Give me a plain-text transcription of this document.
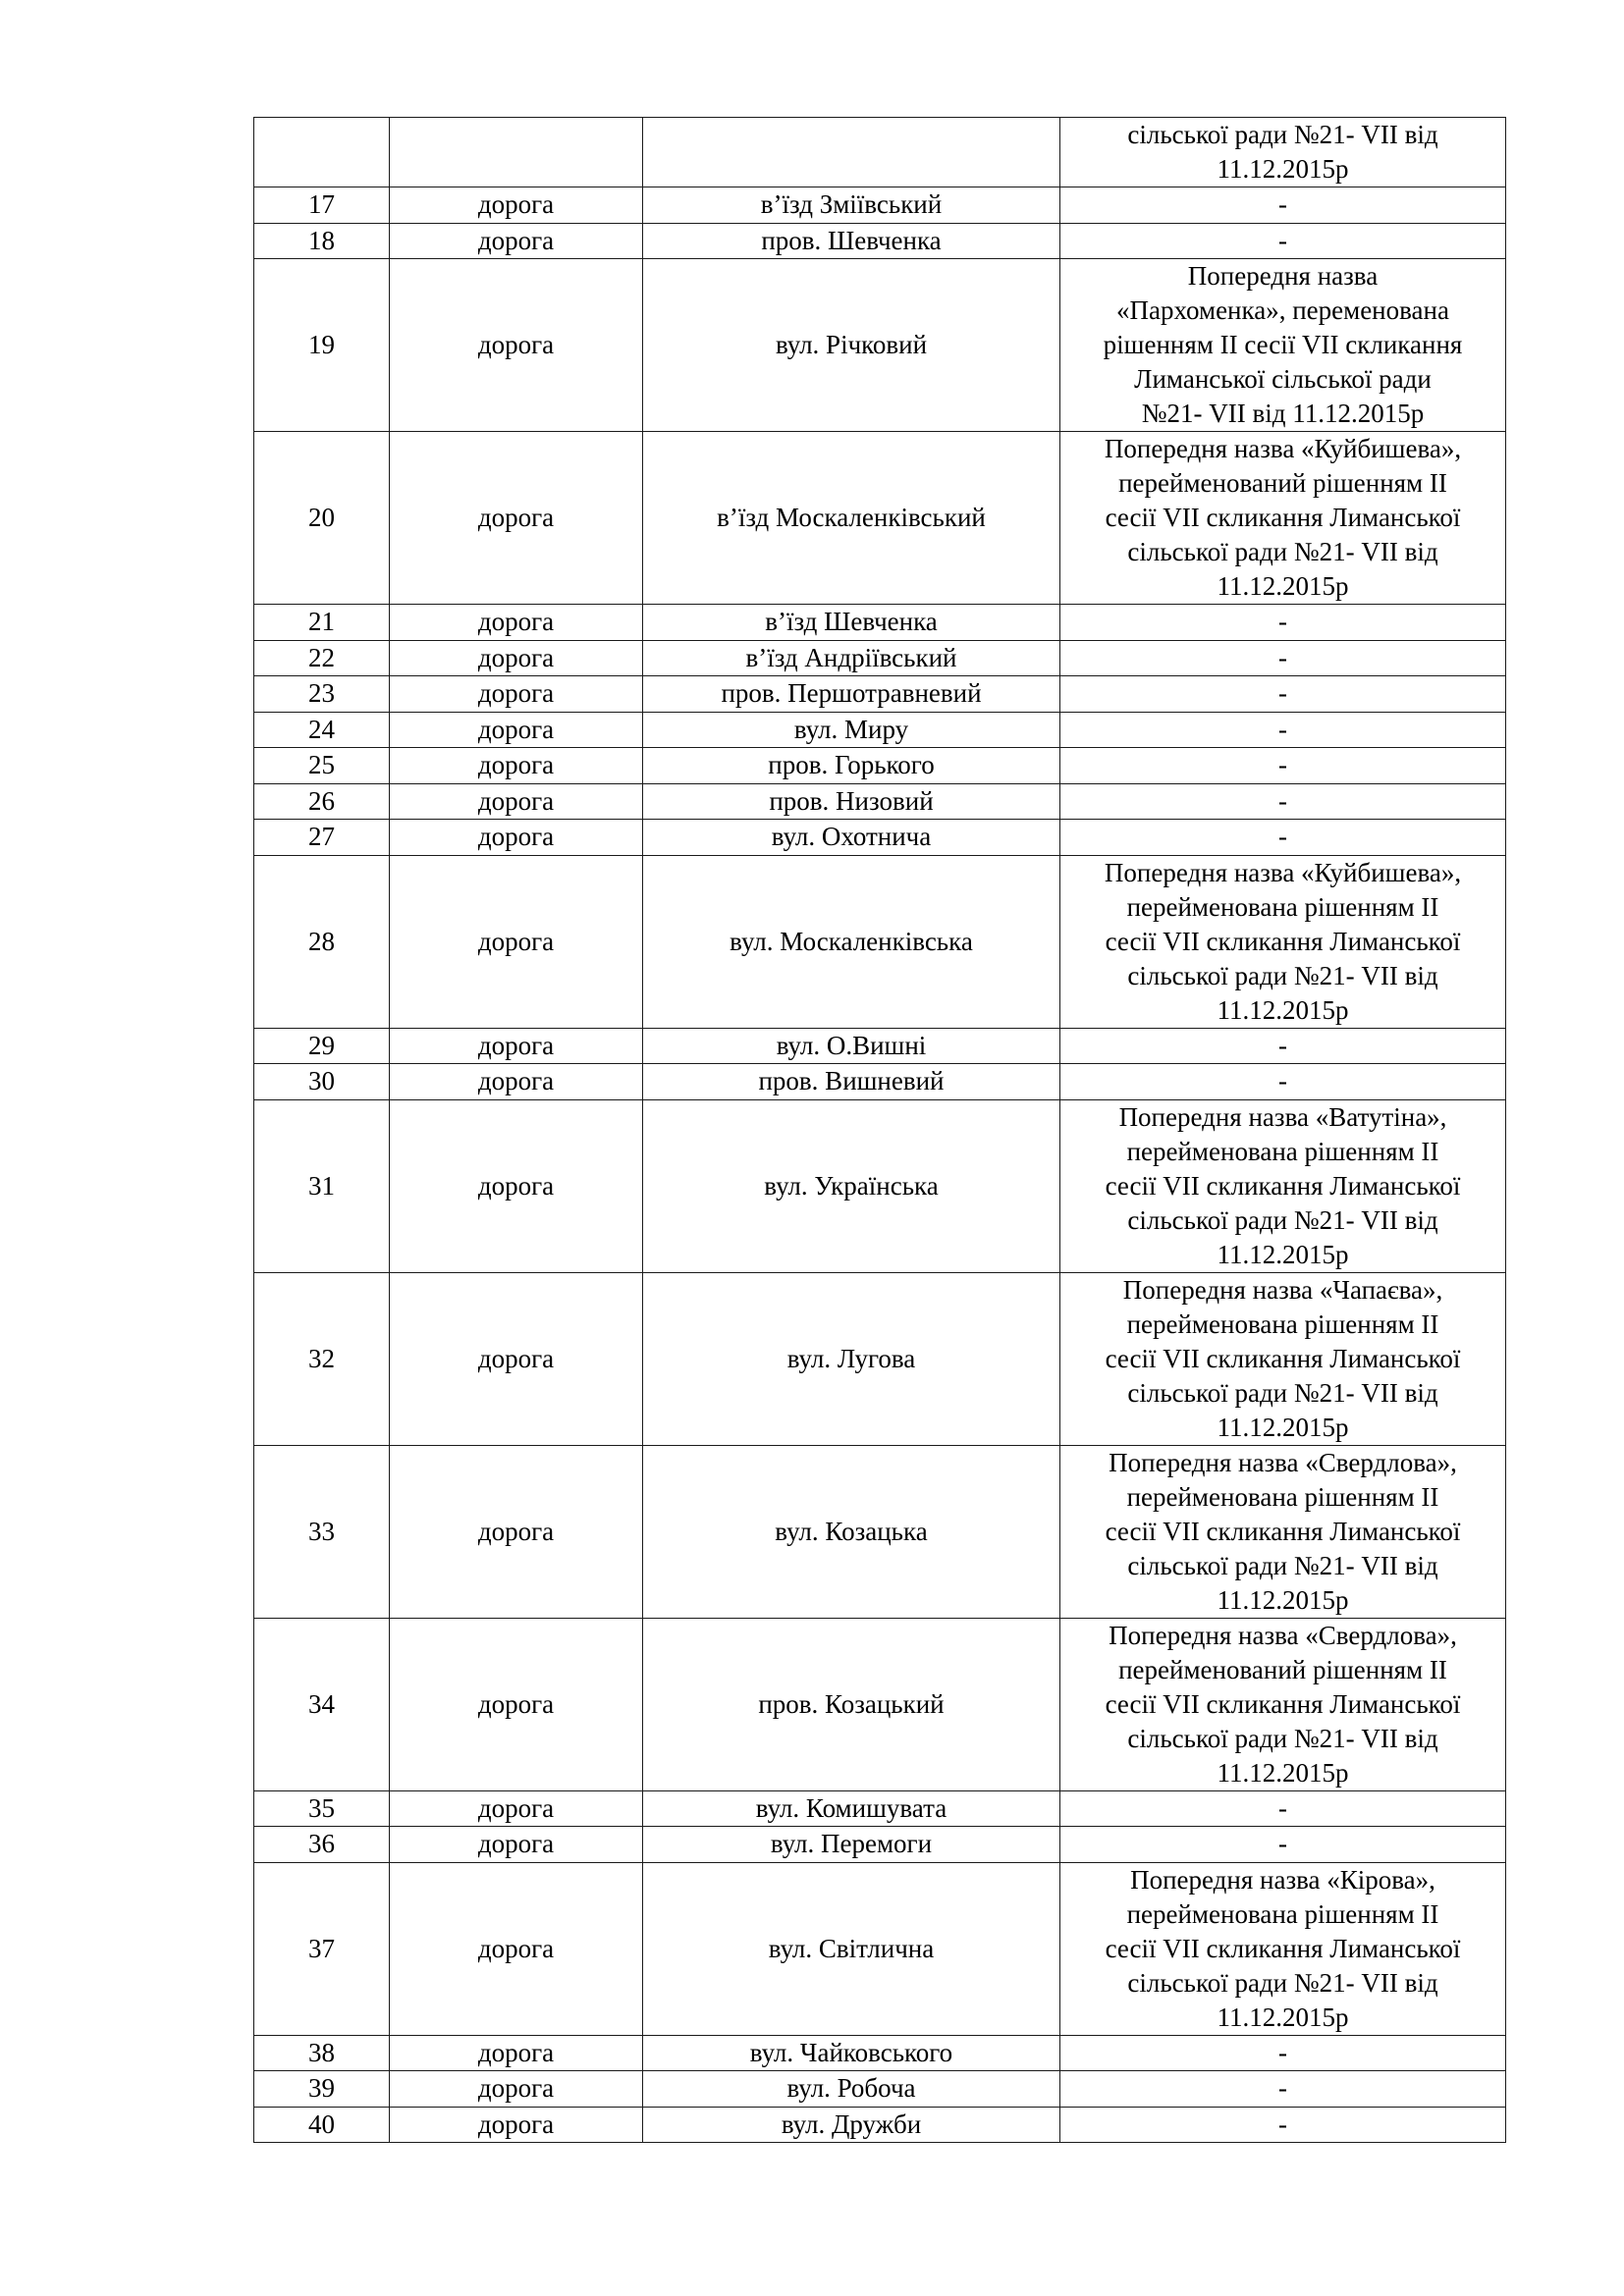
			сільської ради №21- VII від
11.12.2015р
17	дорога	в’їзд Зміївський	-
18	дорога	пров. Шевченка	-
19	дорога	вул. Річковий	Попередня назва
«Пархоменка», переменована
рішенням II сесії VII скликання
Лиманської сільської ради
№21- VII від 11.12.2015р
20	дорога	в’їзд Москаленківський	Попередня назва «Куйбишева»,
перейменований рішенням II
сесії VII скликання Лиманської
сільської ради №21- VII від
11.12.2015р
21	дорога	в’їзд Шевченка	-
22	дорога	в’їзд Андріївський	-
23	дорога	пров. Першотравневий	-
24	дорога	вул. Миру	-
25	дорога	пров. Горького	-
26	дорога	пров. Низовий	-
27	дорога	вул. Охотнича	-
28	дорога	вул. Москаленківська	Попередня назва «Куйбишева»,
перейменована рішенням II
сесії VII скликання Лиманської
сільської ради №21- VII від
11.12.2015р
29	дорога	вул. О.Вишні	-
30	дорога	пров. Вишневий	-
31	дорога	вул. Українська	Попередня назва «Ватутіна»,
перейменована рішенням II
сесії VII скликання Лиманської
сільської ради №21- VII від
11.12.2015р
32	дорога	вул. Лугова	Попередня назва «Чапаєва»,
перейменована рішенням II
сесії VII скликання Лиманської
сільської ради №21- VII від
11.12.2015р
33	дорога	вул. Козацька	Попередня назва «Свердлова»,
перейменована рішенням II
сесії VII скликання Лиманської
сільської ради №21- VII від
11.12.2015р
34	дорога	пров. Козацький	Попередня назва «Свердлова»,
перейменований рішенням II
сесії VII скликання Лиманської
сільської ради №21- VII від
11.12.2015р
35	дорога	вул. Комишувата	-
36	дорога	вул. Перемоги	-
37	дорога	вул. Світлична	Попередня назва «Кірова»,
перейменована рішенням II
сесії VII скликання Лиманської
сільської ради №21- VII від
11.12.2015р
38	дорога	вул. Чайковського	-
39	дорога	вул. Робоча	-
40	дорога	вул. Дружби	-
